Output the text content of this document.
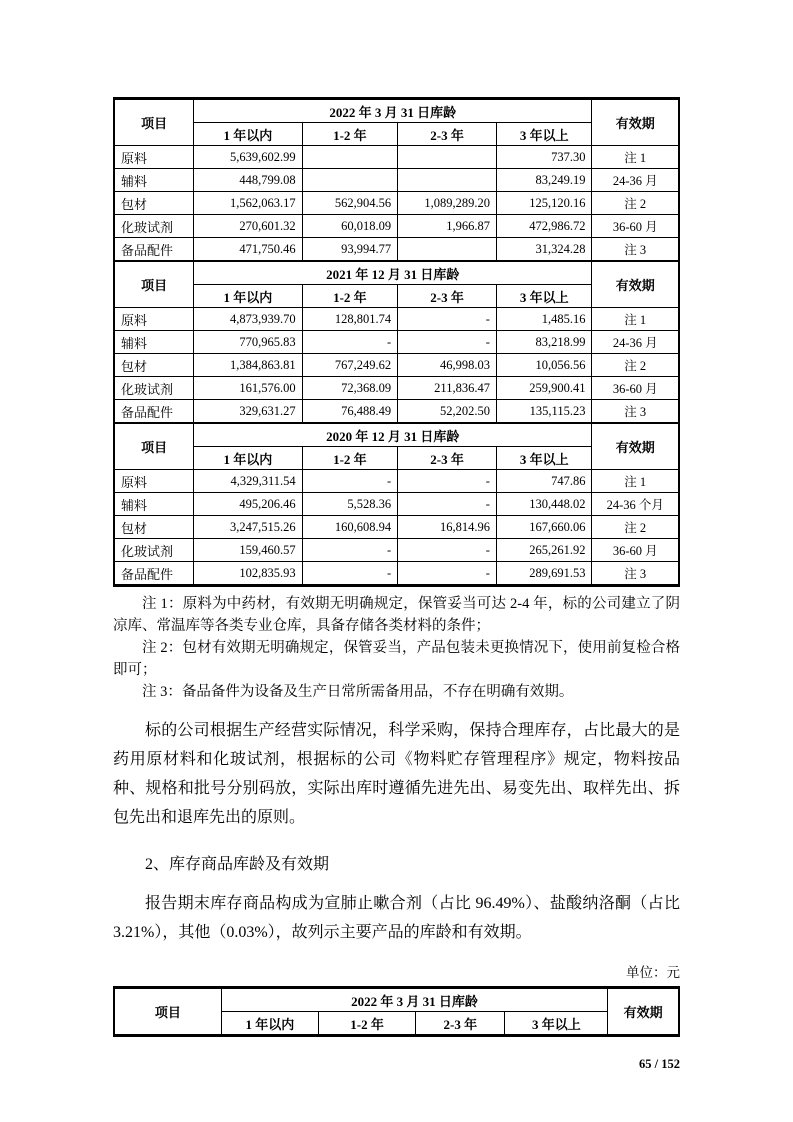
项目	2022 年 3 月 31 日库龄				有效期
	1 年以内	1-2 年	2-3 年	3 年以上	
原料	5,639,602.99			737.30	注 1
辅料	448,799.08			83,249.19	24-36 月
包材	1,562,063.17	562,904.56	1,089,289.20	125,120.16	注 2
化玻试剂	270,601.32	60,018.09	1,966.87	472,986.72	36-60 月
备品配件	471,750.46	93,994.77		31,324.28	注 3
项目	2021 年 12 月 31 日库龄				有效期
	1 年以内	1-2 年	2-3 年	3 年以上	
原料	4,873,939.70	128,801.74	-	1,485.16	注 1
辅料	770,965.83	-	-	83,218.99	24-36 月
包材	1,384,863.81	767,249.62	46,998.03	10,056.56	注 2
化玻试剂	161,576.00	72,368.09	211,836.47	259,900.41	36-60 月
备品配件	329,631.27	76,488.49	52,202.50	135,115.23	注 3
项目	2020 年 12 月 31 日库龄				有效期
	1 年以内	1-2 年	2-3 年	3 年以上	
原料	4,329,311.54	-	-	747.86	注 1
辅料	495,206.46	5,528.36	-	130,448.02	24-36 个月
包材	3,247,515.26	160,608.94	16,814.96	167,660.06	注 2
化玻试剂	159,460.57	-	-	265,261.92	36-60 月
备品配件	102,835.93	-	-	289,691.53	注 3

注 1：原料为中药材，有效期无明确规定，保管妥当可达 2-4 年，标的公司建立了阴凉库、常温库等各类专业仓库，具备存储各类材料的条件；

注 2：包材有效期无明确规定，保管妥当，产品包装未更换情况下，使用前复检合格即可；

注 3：备品备件为设备及生产日常所需备用品，不存在明确有效期。

标的公司根据生产经营实际情况，科学采购，保持合理库存，占比最大的是药用原材料和化玻试剂，根据标的公司《物料贮存管理程序》规定，物料按品种、规格和批号分别码放，实际出库时遵循先进先出、易变先出、取样先出、拆包先出和退库先出的原则。

2、库存商品库龄及有效期

报告期末库存商品构成为宣肺止嗽合剂（占比 96.49%）、盐酸纳洛酮（占比 3.21%），其他（0.03%），故列示主要产品的库龄和有效期。

单位：元
项目	2022 年 3 月 31 日库龄				有效期
	1 年以内	1-2 年	2-3 年	3 年以上	
65 / 152
